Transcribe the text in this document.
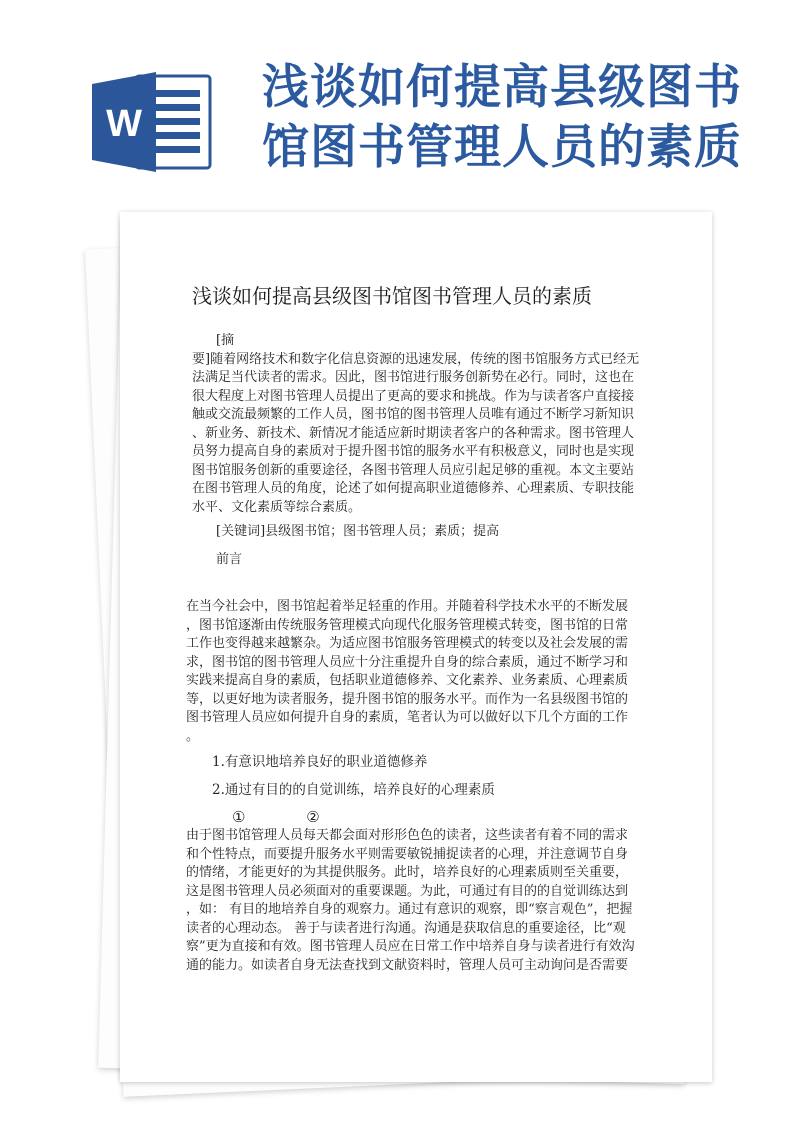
W
浅谈如何提高县级图书
馆图书管理人员的素质
浅谈如何提高县级图书馆图书管理人员的素质
[摘
要]随着网络技术和数字化信息资源的迅速发展，传统的图书馆服务方式已经无
法满足当代读者的需求。因此，图书馆进行服务创新势在必行。同时，这也在
很大程度上对图书管理人员提出了更高的要求和挑战。作为与读者客户直接接
触或交流最频繁的工作人员，图书馆的图书管理人员唯有通过不断学习新知识
、新业务、新技术、新情况才能适应新时期读者客户的各种需求。图书管理人
员努力提高自身的素质对于提升图书馆的服务水平有积极意义，同时也是实现
图书馆服务创新的重要途径，各图书管理人员应引起足够的重视。本文主要站
在图书管理人员的角度，论述了如何提高职业道德修养、心理素质、专职技能
水平、文化素质等综合素质。
[关键词]县级图书馆；图书管理人员；素质；提高
前言
在当今社会中，图书馆起着举足轻重的作用。并随着科学技术水平的不断发展
，图书馆逐渐由传统服务管理模式向现代化服务管理模式转变，图书馆的日常
工作也变得越来越繁杂。为适应图书馆服务管理模式的转变以及社会发展的需
求，图书馆的图书管理人员应十分注重提升自身的综合素质，通过不断学习和
实践来提高自身的素质，包括职业道德修养、文化素养、业务素质、心理素质
等，以更好地为读者服务，提升图书馆的服务水平。而作为一名县级图书馆的
图书管理人员应如何提升自身的素质，笔者认为可以做好以下几个方面的工作
。
1.有意识地培养良好的职业道德修养
2.通过有目的的自觉训练，培养良好的心理素质
①	②
由于图书馆管理人员每天都会面对形形色色的读者，这些读者有着不同的需求
和个性特点，而要提升服务水平则需要敏锐捕捉读者的心理，并注意调节自身
的情绪，才能更好的为其提供服务。此时，培养良好的心理素质则至关重要，
这是图书管理人员必须面对的重要课题。为此，可通过有目的的自觉训练达到
，如： 有目的地培养自身的观察力。通过有意识的观察，即“察言观色”，把握
读者的心理动态。 善于与读者进行沟通。沟通是获取信息的重要途径，比“观
察”更为直接和有效。图书管理人员应在日常工作中培养自身与读者进行有效沟
通的能力。如读者自身无法查找到文献资料时，管理人员可主动询问是否需要
